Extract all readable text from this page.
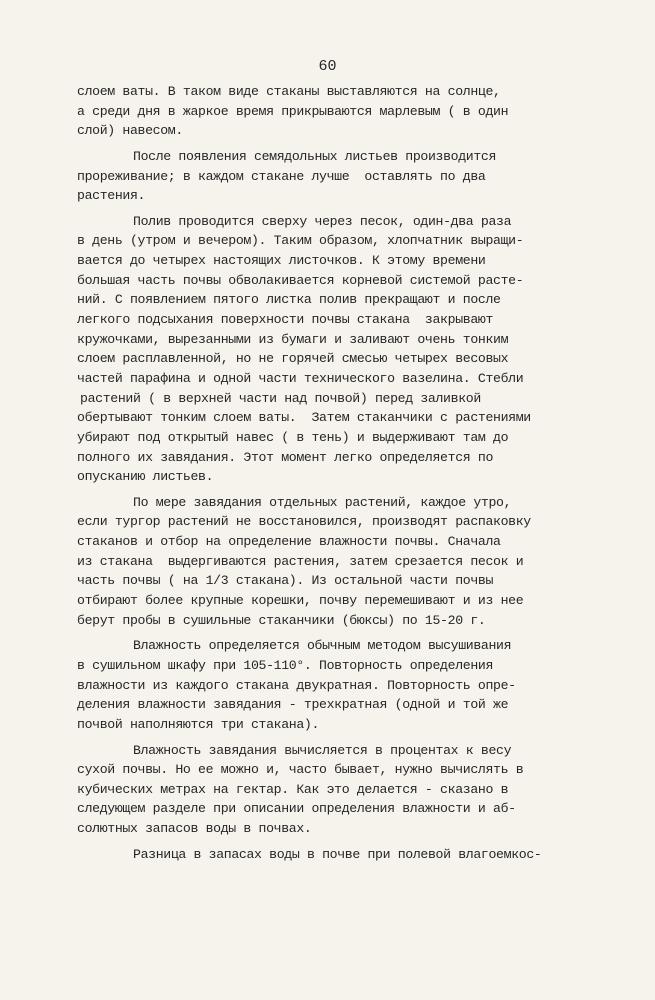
60
слоем ваты. В таком виде стаканы выставляются на солнце,
а среди дня в жаркое время прикрываются марлевым ( в один
слой) навесом.
После появления семядольных листьев производится
прореживание; в каждом стакане лучше  оставлять по два
растения.
Полив проводится сверху через песок, один-два раза
в день (утром и вечером). Таким образом, хлопчатник выращи-
вается до четырех настоящих листочков. К этому времени
большая часть почвы обволакивается корневой системой расте-
ний. С появлением пятого листка полив прекращают и после
легкого подсыхания поверхности почвы стакана  закрывают
кружочками, вырезанными из бумаги и заливают очень тонким
слоем расплавленной, но не горячей смесью четырех весовых
частей парафина и одной части технического вазелина. Стебли
растений ( в верхней части над почвой) перед заливкой
обертывают тонким слоем ваты.  Затем стаканчики с растениями
убирают под открытый навес ( в тень) и выдерживают там до
полного их завядания. Этот момент легко определяется по
опусканию листьев.
По мере завядания отдельных растений, каждое утро,
если тургор растений не восстановился, производят распаковку
стаканов и отбор на определение влажности почвы. Сначала
из стакана  выдергиваются растения, затем срезается песок и
часть почвы ( на 1/3 стакана). Из остальной части почвы
отбирают более крупные корешки, почву перемешивают и из нее
берут пробы в сушильные стаканчики (бюксы) по 15-20 г.
Влажность определяется обычным методом высушивания
в сушильном шкафу при 105-110°. Повторность определения
влажности из каждого стакана двукратная. Повторность опре-
деления влажности завядания - трехкратная (одной и той же
почвой наполняются три стакана).
Влажность завядания вычисляется в процентах к весу
сухой почвы. Но ее можно и, часто бывает, нужно вычислять в
кубических метрах на гектар. Как это делается - сказано в
следующем разделе при описании определения влажности и аб-
солютных запасов воды в почвах.
Разница в запасах воды в почве при полевой влагоемкос-
